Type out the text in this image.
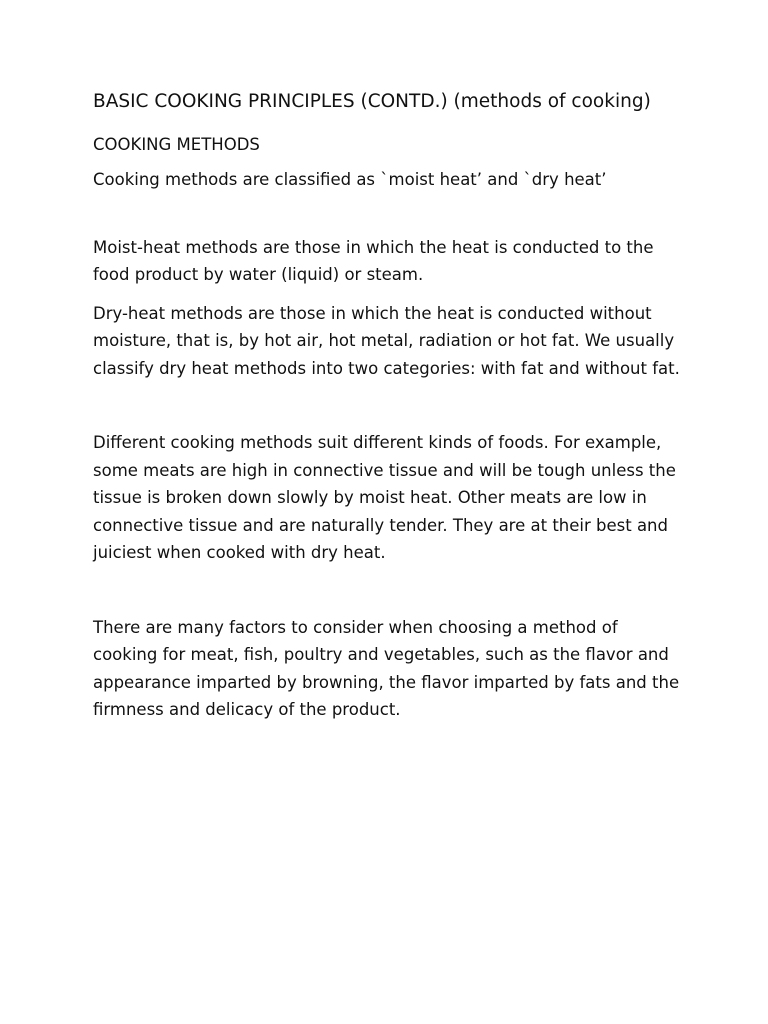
BASIC COOKING PRINCIPLES (CONTD.) (methods of cooking)
COOKING METHODS

Cooking methods are classified as `moist heat’ and `dry heat’

Moist-heat methods are those in which the heat is conducted to the food product by water (liquid) or steam.

Dry-heat methods are those in which the heat is conducted without moisture, that is, by hot air, hot metal, radiation or hot fat. We usually classify dry heat methods into two categories: with fat and without fat.

Different cooking methods suit different kinds of foods. For example, some meats are high in connective tissue and will be tough unless the tissue is broken down slowly by moist heat. Other meats are low in connective tissue and are naturally tender. They are at their best and juiciest when cooked with dry heat.

There are many factors to consider when choosing a method of cooking for meat, fish, poultry and vegetables, such as the flavor and appearance imparted by browning, the flavor imparted by fats and the firmness and delicacy of the product.
